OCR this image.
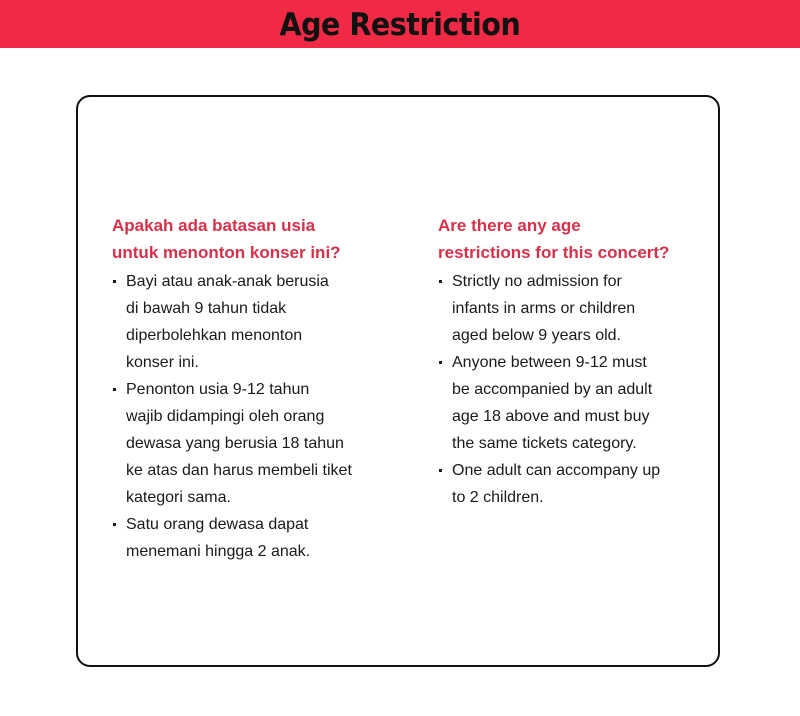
Age Restriction
Apakah ada batasan usia
untuk menonton konser ini?
Bayi atau anak-anak berusia
di bawah 9 tahun tidak
diperbolehkan menonton
konser ini.
Penonton usia 9-12 tahun
wajib didampingi oleh orang
dewasa yang berusia 18 tahun
ke atas dan harus membeli tiket
kategori sama.
Satu orang dewasa dapat
menemani hingga 2 anak.
Are there any age
restrictions for this concert?
Strictly no admission for
infants in arms or children
aged below 9 years old.
Anyone between 9-12 must
be accompanied by an adult
age 18 above and must buy
the same tickets category.
One adult can accompany up
to 2 children.
